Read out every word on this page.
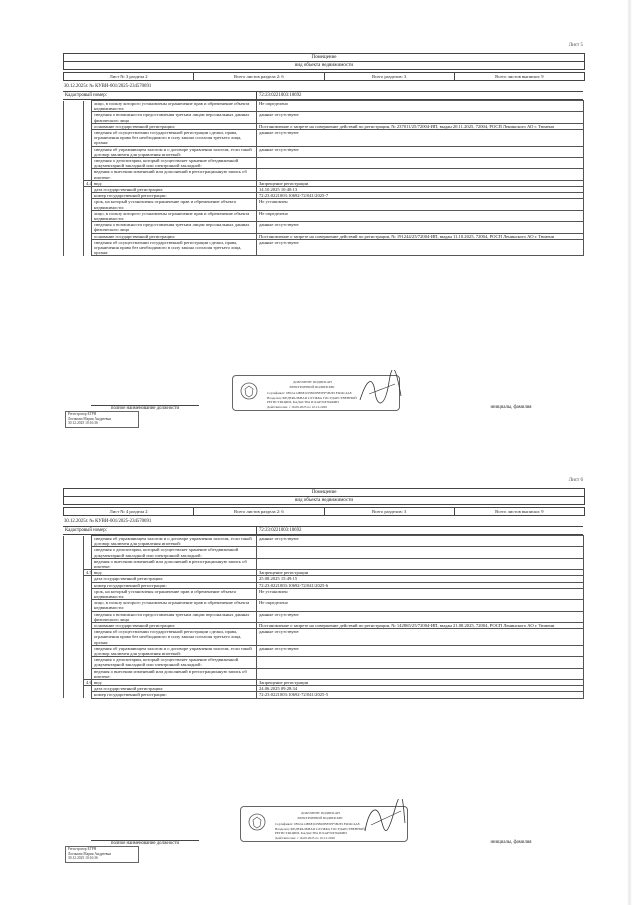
Лист 5
Помещение
вид объекта недвижимости
Лист № 3 раздела 2	Всего листов раздела 2: 6	Всего разделов: 3	Всего листов выписки: 9
30.12.2025г. № КУВИ-001/2025-234570691
Кадастровый номер:	72:23:0221003:10692
		лицо, в пользу которого установлены ограничение прав и обременение объекта недвижимости:	Не определено
		сведения о возможности предоставления третьим лицам персональных данных физического лица	данные отсутствуют
		основание государственной регистрации:	Постановление о запрете на совершение действий по регистрации, № 237011/25/72004-ИП, выдан 20.11.2025, 72004, РОСП Ленинского АО г. Тюмени
		сведения об осуществлении государственной регистрации сделки, права, ограничения права без необходимого в силу закона согласия третьего лица, органа:	данные отсутствуют
		сведения об управляющем залогом и о договоре управления залогом, если такой договор заключен для управления ипотекой:	данные отсутствуют
		сведения о депозитарии, который осуществляет хранение обездвиженной документарной закладной или электронной закладной:	
		ведения о внесении изменений или дополнений в регистрационную запись об ипотеке:	
	4.4	вид:	Запрещение регистрации
		дата государственной регистрации:	14.10.2025 10:40:13
		номер государственной регистрации:	72:23:0221003:10692-72/041/2025-7
		срок, на который установлены ограничение прав и обременение объекта недвижимости:	Не установлен
		лицо, в пользу которого установлены ограничение прав и обременение объекта недвижимости:	Не определено
		сведения о возможности предоставления третьим лицам персональных данных физического лица	данные отсутствуют
		основание государственной регистрации:	Постановление о запрете на совершение действий по регистрации, № 191244/25/72004-ИП, выдан 11.10.2025, 72004, РОСП Ленинского АО г. Тюмени
		сведения об осуществлении государственной регистрации сделки, права, ограничения права без необходимого в силу закона согласия третьего лица, органа:	данные отсутствуют
ДОКУМЕНТ ПОДПИСАН
ЭЛЕКТРОННОЙ ПОДПИСЬЮ
Сертификат: 0852A14B6E1D5B45BE5EF5B2E1F4D4C4A8
Владелец: ФЕДЕРАЛЬНАЯ СЛУЖБА ГОСУДАРСТВЕННОЙ
РЕГИСТРАЦИИ, КАДАСТРА И КАРТОГРАФИИ
Действителен: с 16.09.2025 по 10.12.2026
полное наименование должности	инициалы, фамилия
Регистратор ЕГРН
Логинова Мария Андреевна
30.12.2025 10:16:36
Лист 6
Помещение
вид объекта недвижимости
Лист № 4 раздела 2	Всего листов раздела 2: 6	Всего разделов: 3	Всего листов выписки: 9
30.12.2025г. № КУВИ-001/2025-234570691
Кадастровый номер:	72:23:0221003:10692
		сведения об управляющем залогом и о договоре управления залогом, если такой договор заключен для управления ипотекой:	данные отсутствуют
		сведения о депозитарии, который осуществляет хранение обездвиженной документарной закладной или электронной закладной:	
		ведения о внесении изменений или дополнений в регистрационную запись об ипотеке:	
	4.5	вид:	Запрещение регистрации
		дата государственной регистрации:	25.08.2025 15:49:15
		номер государственной регистрации:	72:23:0221003:10692-72/041/2025-6
		срок, на который установлены ограничение прав и обременение объекта недвижимости:	Не установлен
		лицо, в пользу которого установлены ограничение прав и обременение объекта недвижимости:	Не определено
		сведения о возможности предоставления третьим лицам персональных данных физического лица	данные отсутствуют
		основание государственной регистрации:	Постановление о запрете на совершение действий по регистрации, № 142865/25/72004-ИП, выдан 21.08.2025, 72004, РОСП Ленинского АО г. Тюмени
		сведения об осуществлении государственной регистрации сделки, права, ограничения права без необходимого в силу закона согласия третьего лица, органа:	данные отсутствуют
		сведения об управляющем залогом и о договоре управления залогом, если такой договор заключен для управления ипотекой:	данные отсутствуют
		сведения о депозитарии, который осуществляет хранение обездвиженной документарной закладной или электронной закладной:	
		ведения о внесении изменений или дополнений в регистрационную запись об ипотеке:	
	4.6	вид:	Запрещение регистрации
		дата государственной регистрации:	24.06.2025 09:28:34
		номер государственной регистрации:	72:23:0221003:10692-72/041/2025-5
ДОКУМЕНТ ПОДПИСАН
ЭЛЕКТРОННОЙ ПОДПИСЬЮ
Сертификат: 0852A14B6E1D5B45BE5EF5B2E1F4D4C4A8
Владелец: ФЕДЕРАЛЬНАЯ СЛУЖБА ГОСУДАРСТВЕННОЙ
РЕГИСТРАЦИИ, КАДАСТРА И КАРТОГРАФИИ
Действителен: с 16.09.2025 по 10.12.2026
полное наименование должности	инициалы, фамилия
Регистратор ЕГРН
Логинова Мария Андреевна
30.12.2025 10:16:36
